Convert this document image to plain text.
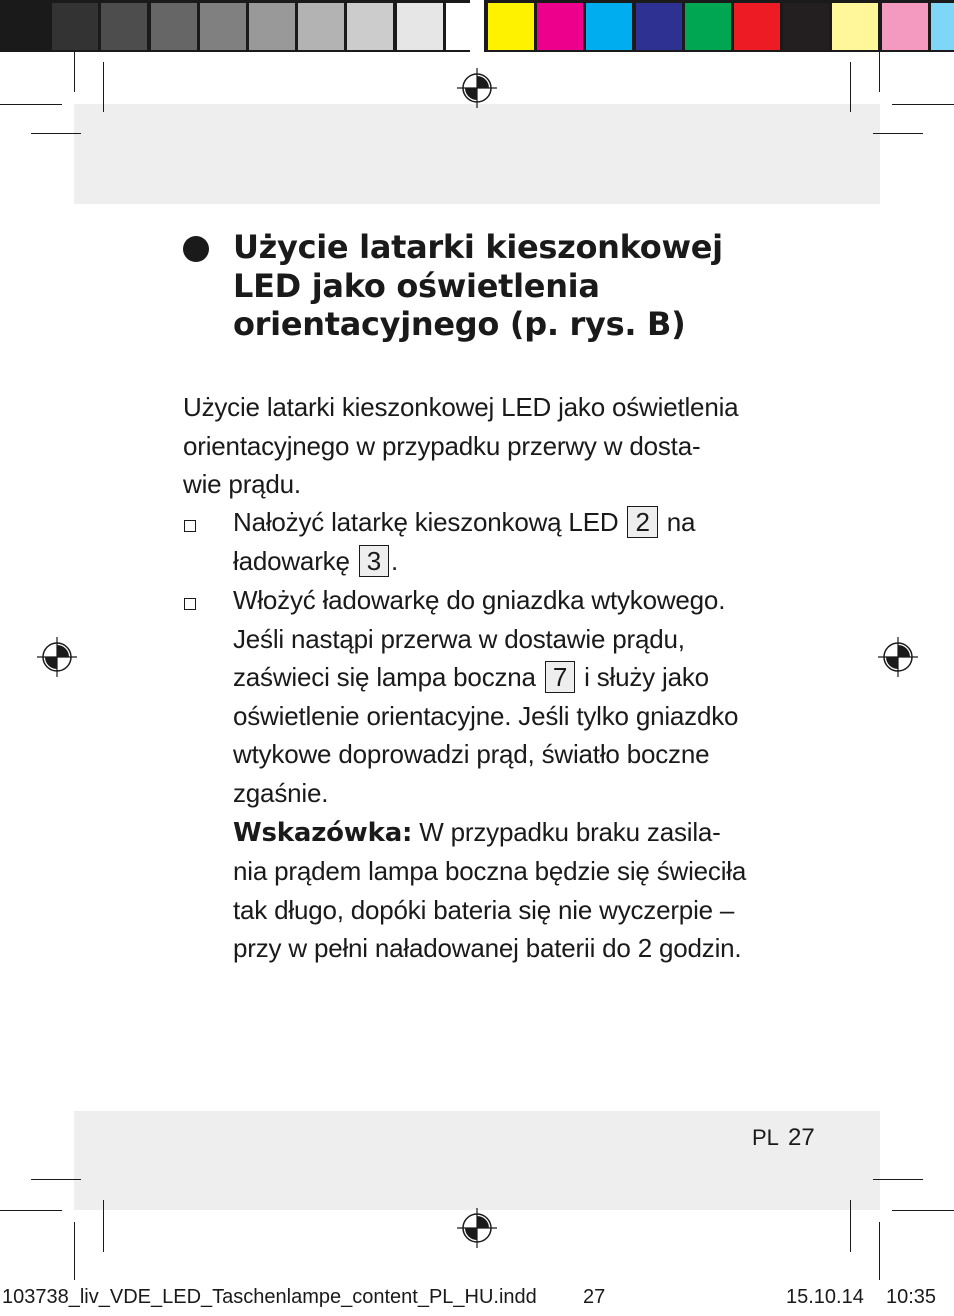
Użycie latarki kieszonkowej
LED jako oświetlenia
orientacyjnego (p. rys. B)
Użycie latarki kieszonkowej LED jako oświetlenia
orientacyjnego w przypadku przerwy w dosta-
wie prądu.
Nałożyć latarkę kieszonkową LED 2 na
ładowarkę 3 .
Włożyć ładowarkę do gniazdka wtykowego.
Jeśli nastąpi przerwa w dostawie prądu,
zaświeci się lampa boczna 7 i służy jako
oświetlenie orientacyjne. Jeśli tylko gniazdko
wtykowe doprowadzi prąd, światło boczne
zgaśnie.
Wskazówka: W przypadku braku zasila-
nia prądem lampa boczna będzie się świeciła
tak długo, dopóki bateria się nie wyczerpie –
przy w pełni naładowanej baterii do 2 godzin.
PL 27
103738_liv_VDE_LED_Taschenlampe_content_PL_HU.indd 27	15.10.14 10:35
